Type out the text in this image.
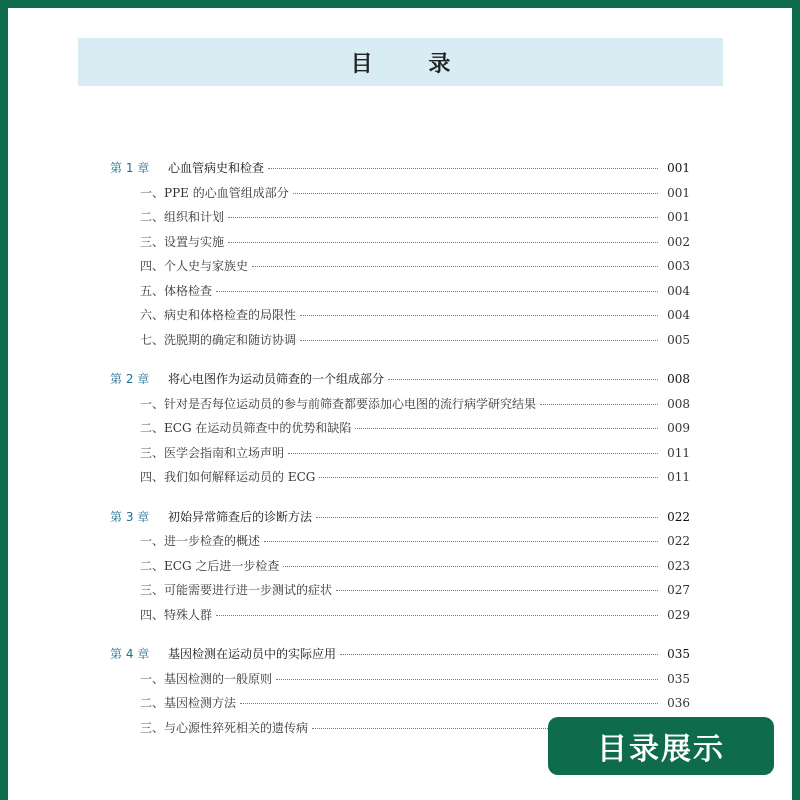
目 录
第 1 章	心血管病史和检查	001
一、PPE 的心血管组成部分	001
二、组织和计划	001
三、设置与实施	002
四、个人史与家族史	003
五、体格检查	004
六、病史和体格检查的局限性	004
七、洗脱期的确定和随访协调	005
第 2 章	将心电图作为运动员筛查的一个组成部分	008
一、针对是否每位运动员的参与前筛查都要添加心电图的流行病学研究结果	008
二、ECG 在运动员筛查中的优势和缺陷	009
三、医学会指南和立场声明	011
四、我们如何解释运动员的 ECG	011
第 3 章	初始异常筛查后的诊断方法	022
一、进一步检查的概述	022
二、ECG 之后进一步检查	023
三、可能需要进行进一步测试的症状	027
四、特殊人群	029
第 4 章	基因检测在运动员中的实际应用	035
一、基因检测的一般原则	035
二、基因检测方法	036
三、与心源性猝死相关的遗传病
目录展示
